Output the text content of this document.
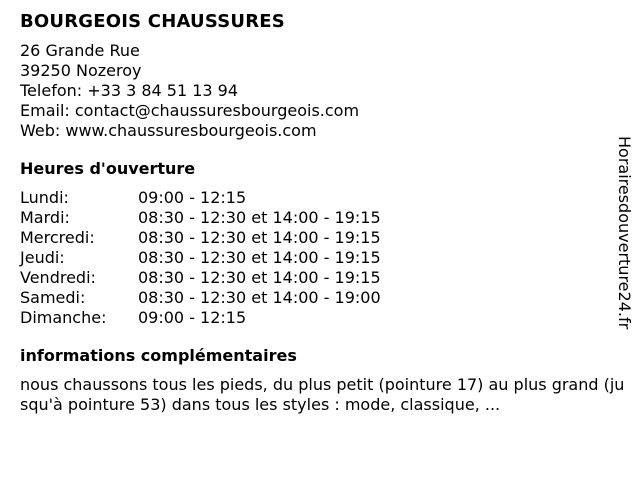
BOURGEOIS CHAUSSURES
26 Grande Rue
39250 Nozeroy
Telefon: +33 3 84 51 13 94
Email: contact@chaussuresbourgeois.com
Web: www.chaussuresbourgeois.com
Heures d'ouverture
Lundi:	09:00 - 12:15
Mardi:	08:30 - 12:30 et 14:00 - 19:15
Mercredi:	08:30 - 12:30 et 14:00 - 19:15
Jeudi:	08:30 - 12:30 et 14:00 - 19:15
Vendredi:	08:30 - 12:30 et 14:00 - 19:15
Samedi:	08:30 - 12:30 et 14:00 - 19:00
Dimanche:	09:00 - 12:15
informations complémentaires
nous chaussons tous les pieds, du plus petit (pointure 17) au plus grand (jusqu'à pointure 53) dans tous les styles : mode, classique, ...
Horairesdouverture24.fr
